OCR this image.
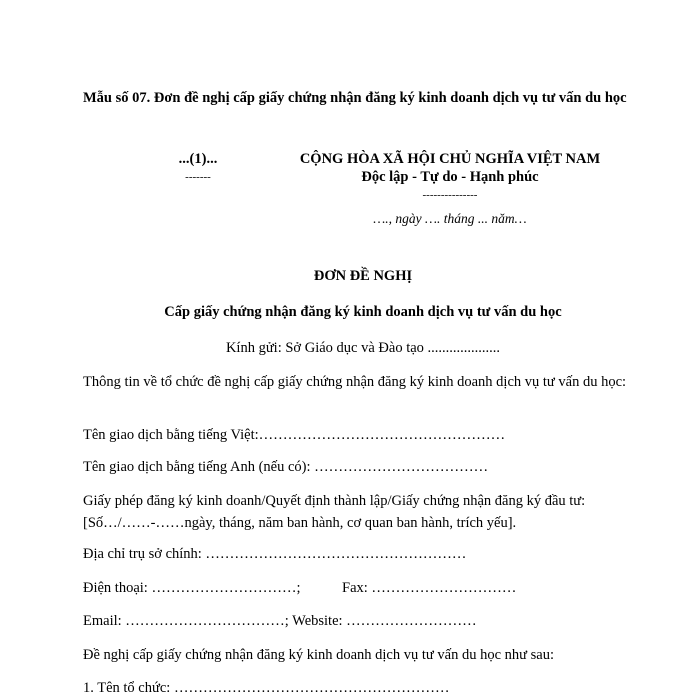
Mẫu số 07. Đơn đề nghị cấp giấy chứng nhận đăng ký kinh doanh dịch vụ tư vấn du học
...(1)...
-------
CỘNG HÒA XÃ HỘI CHỦ NGHĨA VIỆT NAM
Độc lập - Tự do - Hạnh phúc
---------------
…., ngày …. tháng ... năm…
ĐƠN ĐỀ NGHỊ
Cấp giấy chứng nhận đăng ký kinh doanh dịch vụ tư vấn du học
Kính gửi: Sở Giáo dục và Đào tạo ....................
Thông tin về tổ chức đề nghị cấp giấy chứng nhận đăng ký kinh doanh dịch vụ tư vấn du học:
Tên giao dịch bằng tiếng Việt:……………………………………………
Tên giao dịch bằng tiếng Anh (nếu có): ………………………………
Giấy phép đăng ký kinh doanh/Quyết định thành lập/Giấy chứng nhận đăng ký đầu tư: [Số…/……-……ngày, tháng, năm ban hành, cơ quan ban hành, trích yếu].
Địa chỉ trụ sở chính: ………………………………………………
Điện thoại: …………………………;	Fax: …………………………
Email: ……………………………; Website: ………………………
Đề nghị cấp giấy chứng nhận đăng ký kinh doanh dịch vụ tư vấn du học như sau:
1. Tên tổ chức: …………………………………………………
